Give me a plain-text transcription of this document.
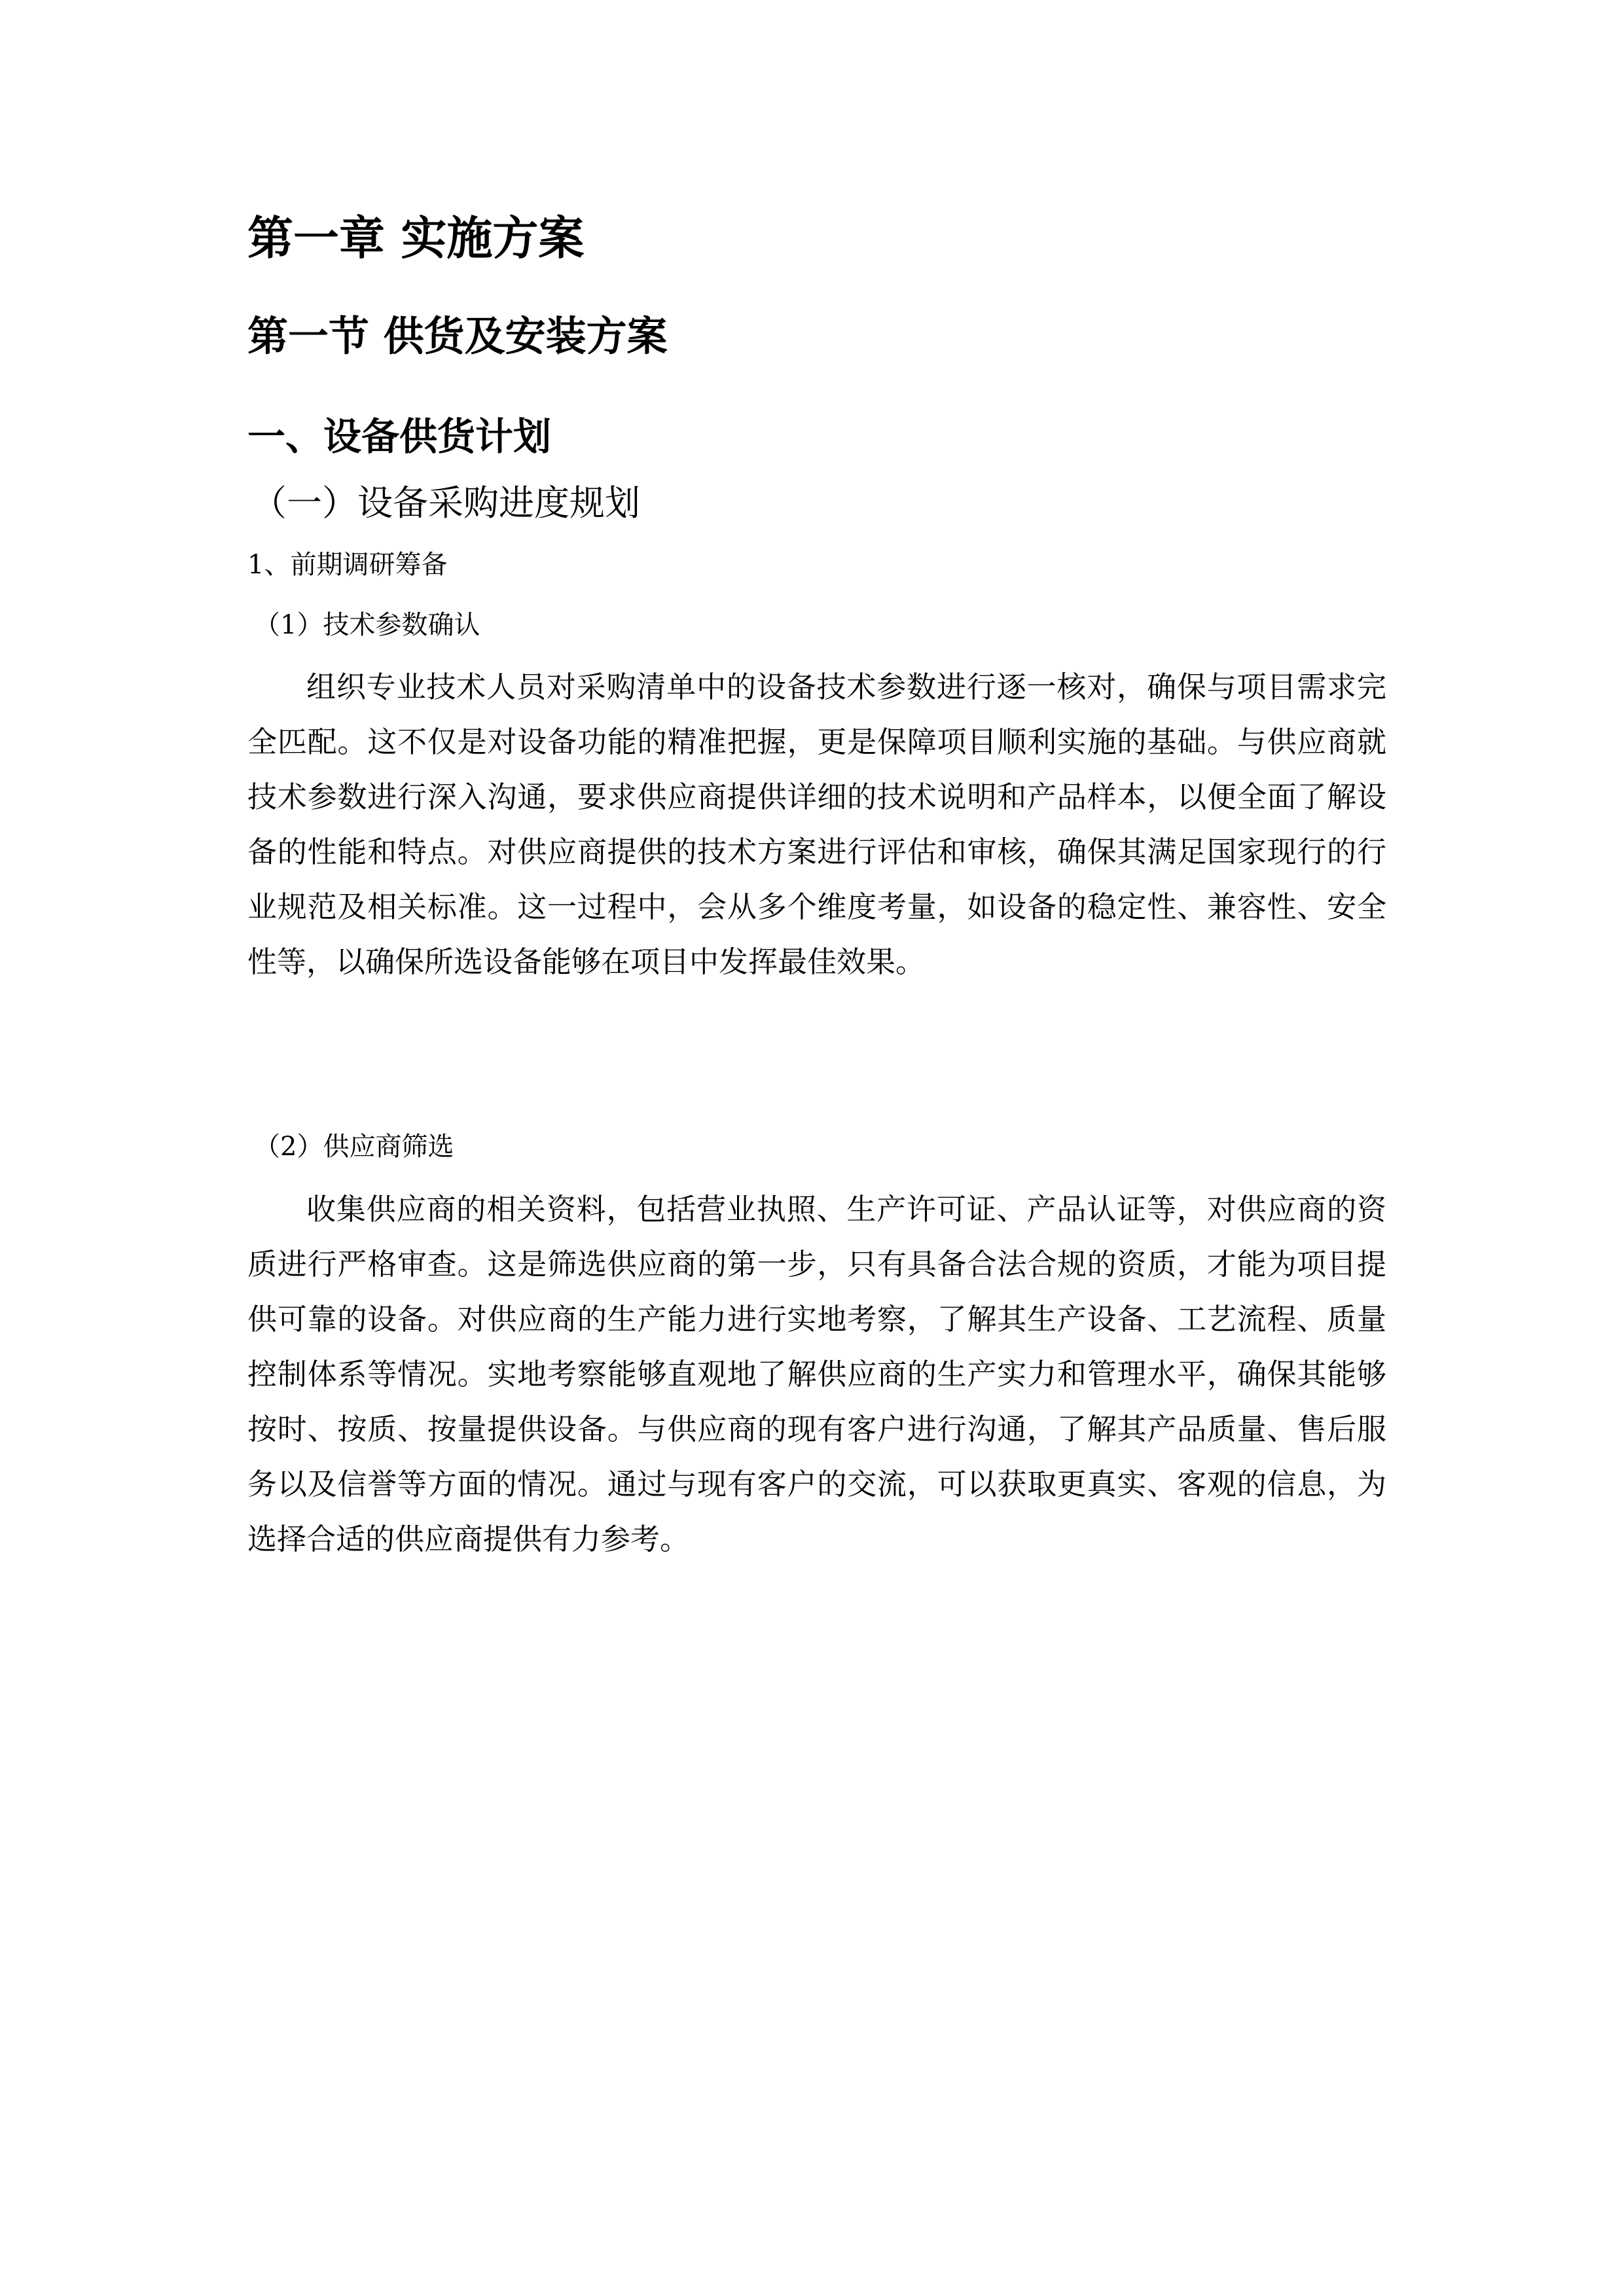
第一章 实施方案
第一节 供货及安装方案
一、设备供货计划
（一）设备采购进度规划
1、前期调研筹备
（1）技术参数确认

组织专业技术人员对采购清单中的设备技术参数进行逐一核对，确保与项目需求完全匹配。这不仅是对设备功能的精准把握，更是保障项目顺利实施的基础。与供应商就技术参数进行深入沟通，要求供应商提供详细的技术说明和产品样本，以便全面了解设备的性能和特点。对供应商提供的技术方案进行评估和审核，确保其满足国家现行的行业规范及相关标准。这一过程中，会从多个维度考量，如设备的稳定性、兼容性、安全性等，以确保所选设备能够在项目中发挥最佳效果。

（2）供应商筛选

收集供应商的相关资料，包括营业执照、生产许可证、产品认证等，对供应商的资质进行严格审查。这是筛选供应商的第一步，只有具备合法合规的资质，才能为项目提供可靠的设备。对供应商的生产能力进行实地考察，了解其生产设备、工艺流程、质量控制体系等情况。实地考察能够直观地了解供应商的生产实力和管理水平，确保其能够按时、按质、按量提供设备。与供应商的现有客户进行沟通，了解其产品质量、售后服务以及信誉等方面的情况。通过与现有客户的交流，可以获取更真实、客观的信息，为选择合适的供应商提供有力参考。
